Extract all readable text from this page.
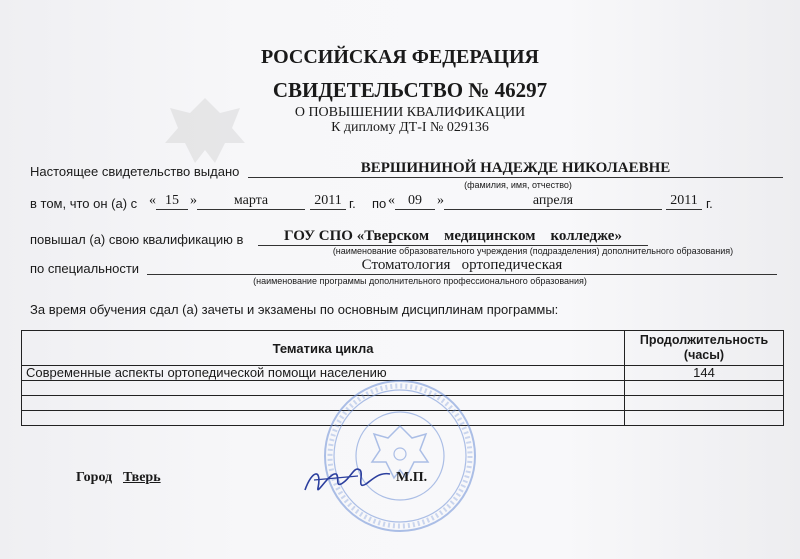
РОССИЙСКАЯ ФЕДЕРАЦИЯ
СВИДЕТЕЛЬСТВО № 46297
О ПОВЫШЕНИИ КВАЛИФИКАЦИИ
К диплому ДТ-I № 029136
Настоящее свидетельство выдано	ВЕРШИНИНОЙ НАДЕЖДЕ НИКОЛАЕВНЕ
(фамилия, имя, отчество)
в том, что он (а) с « 15 »	марта	2011 г. по « 09	»	апреля	2011 г.
повышал (а) свою квалификацию в	ГОУ СПО «Тверском    медицинском    колледже»
(наименование образовательного учреждения (подразделения) дополнительного образования)
по специальности	Стоматология   ортопедическая
(наименование программы дополнительного профессионального образования)
За время обучения сдал (а) зачеты и экзамены по основным дисциплинам программы:
Тематика цикла	Продолжительность (часы)
Современные аспекты ортопедической помощи населению	144

Город Тверь	М.П.
